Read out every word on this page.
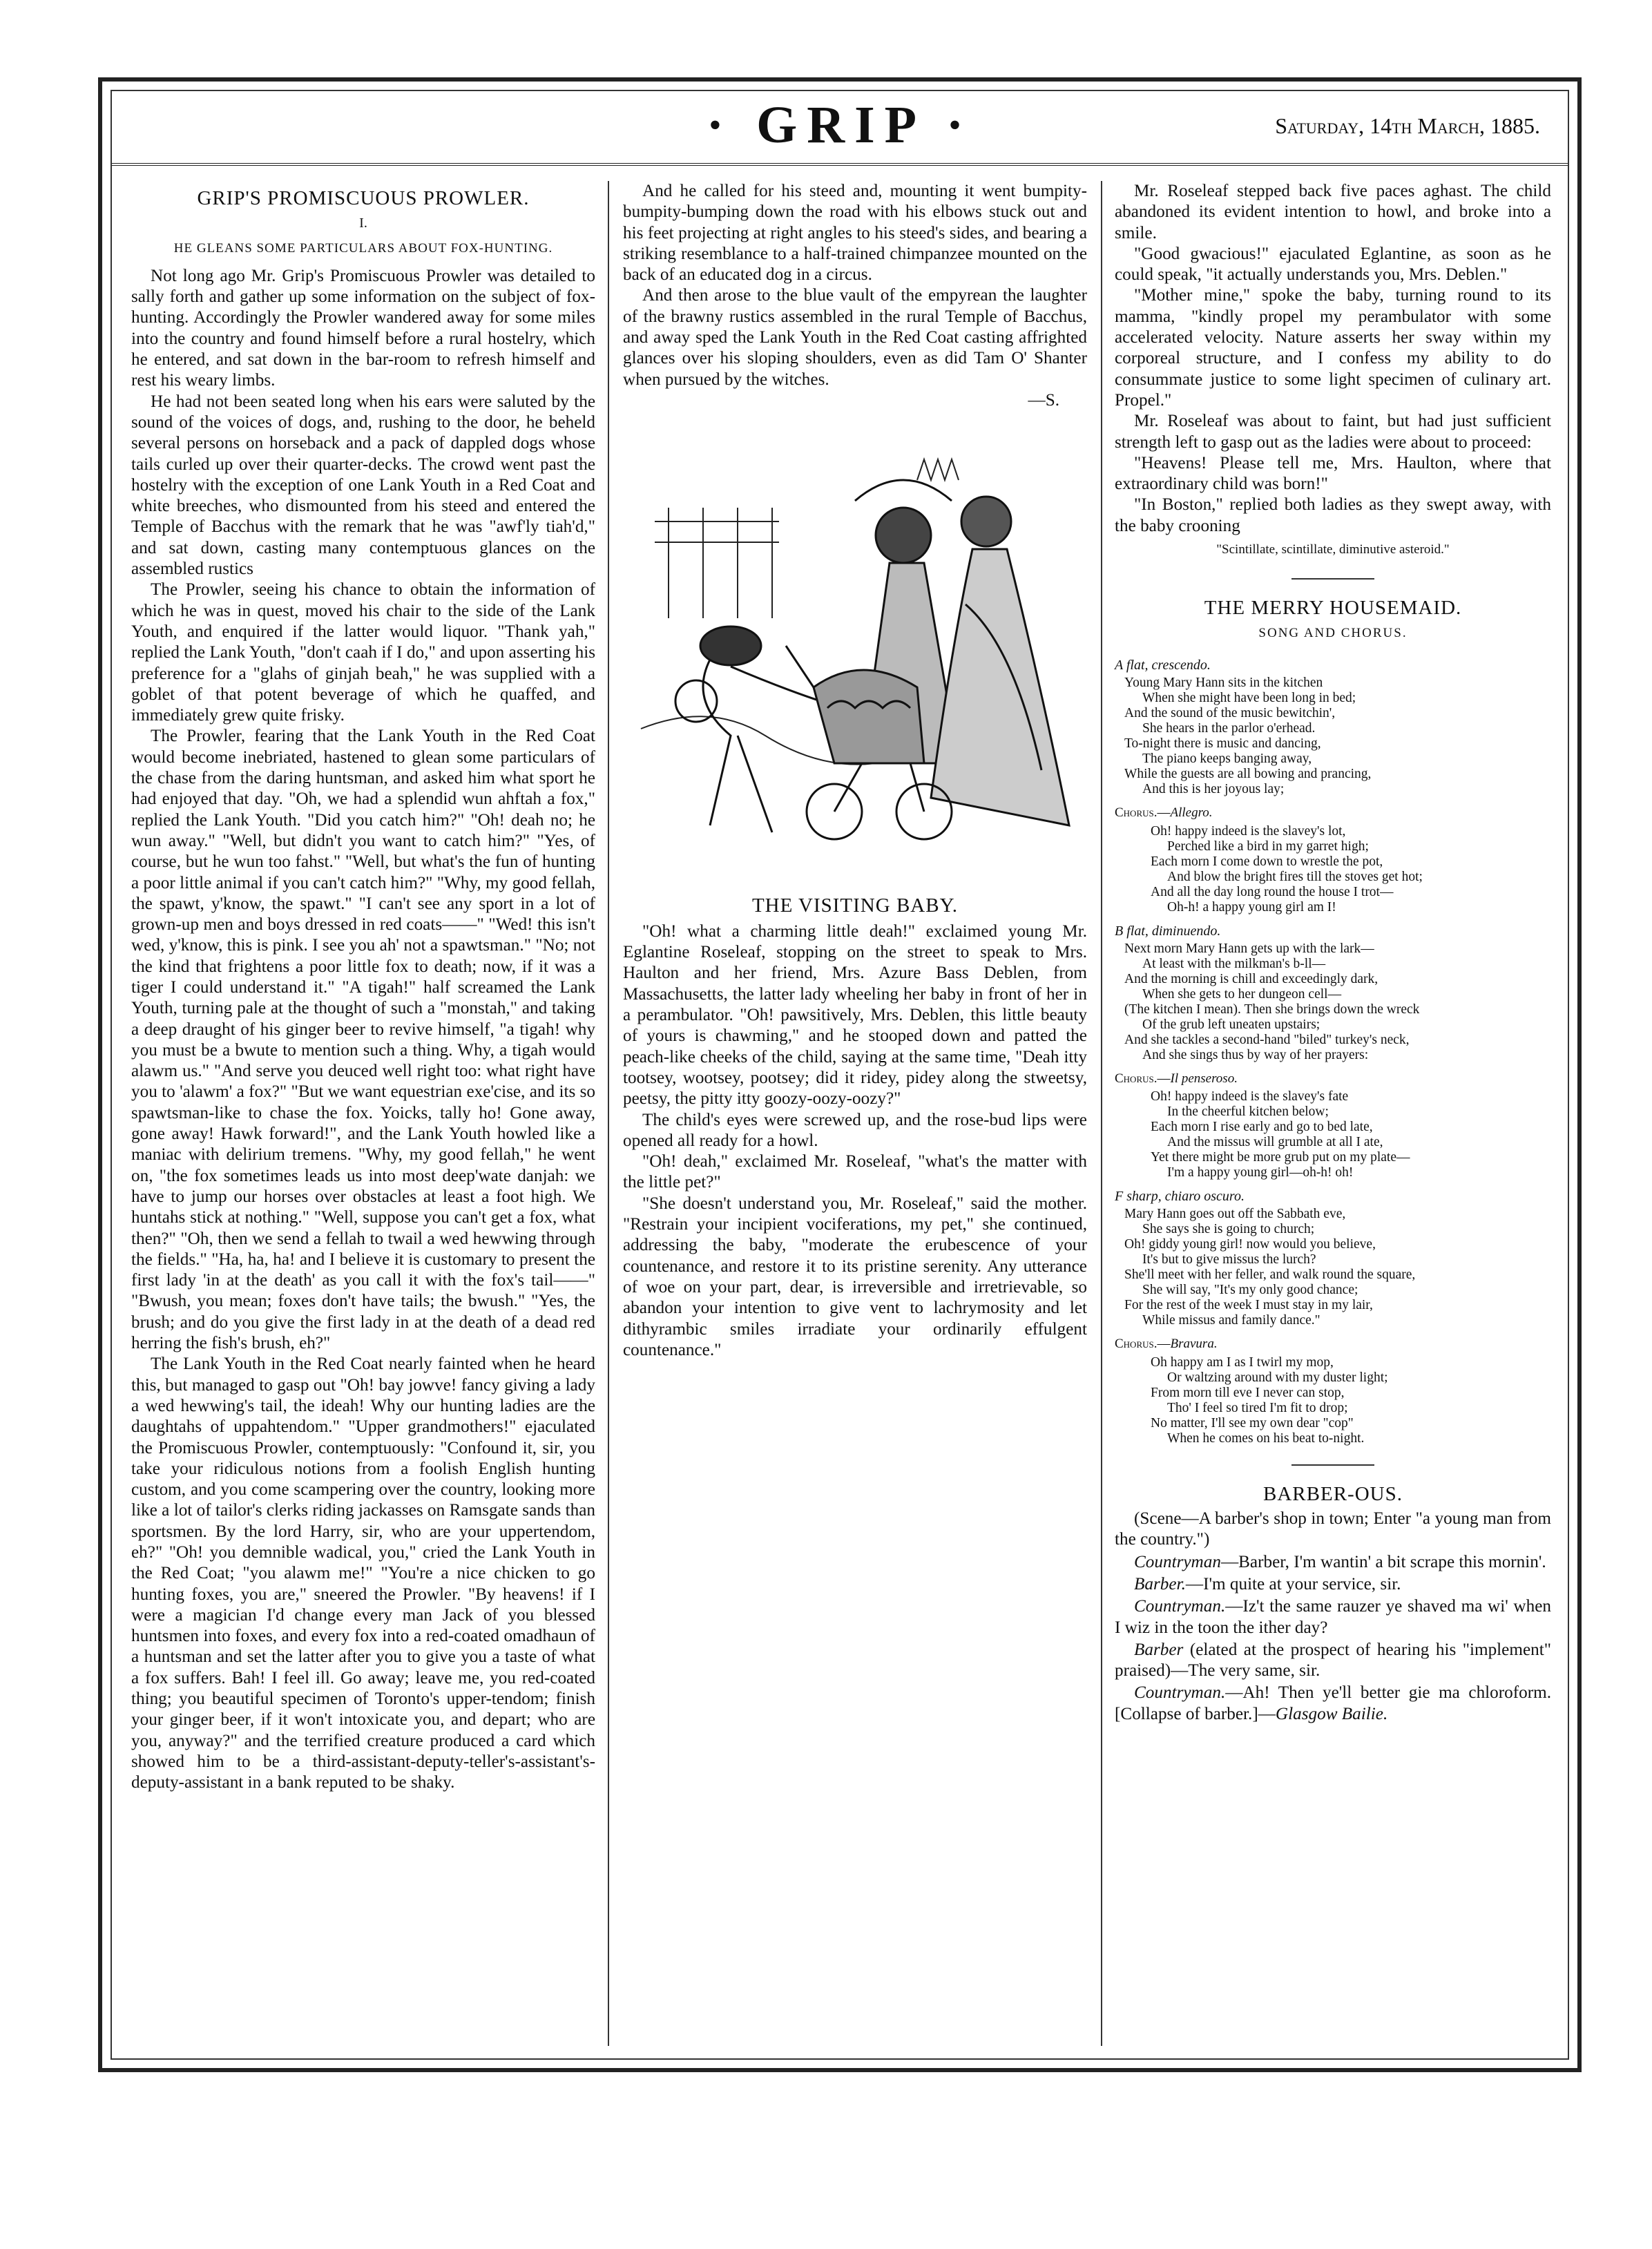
· GRIP ·	Saturday, 14th March, 1885.
GRIP'S PROMISCUOUS PROWLER.
I.
HE GLEANS SOME PARTICULARS ABOUT FOX-HUNTING.

Not long ago Mr. Grip's Promiscuous Prowler was detailed to sally forth and gather up some information on the subject of fox-hunting. Accordingly the Prowler wandered away for some miles into the country and found himself before a rural hostelry, which he entered, and sat down in the bar-room to refresh himself and rest his weary limbs.

He had not been seated long when his ears were saluted by the sound of the voices of dogs, and, rushing to the door, he beheld several persons on horseback and a pack of dappled dogs whose tails curled up over their quarter-decks. The crowd went past the hostelry with the exception of one Lank Youth in a Red Coat and white breeches, who dismounted from his steed and entered the Temple of Bacchus with the remark that he was "awf'ly tiah'd," and sat down, casting many contemptuous glances on the assembled rustics

The Prowler, seeing his chance to obtain the information of which he was in quest, moved his chair to the side of the Lank Youth, and enquired if the latter would liquor. "Thank yah," replied the Lank Youth, "don't caah if I do," and upon asserting his preference for a "glahs of ginjah beah," he was supplied with a goblet of that potent beverage of which he quaffed, and immediately grew quite frisky.

The Prowler, fearing that the Lank Youth in the Red Coat would become inebriated, hastened to glean some particulars of the chase from the daring huntsman, and asked him what sport he had enjoyed that day. "Oh, we had a splendid wun ahftah a fox," replied the Lank Youth. "Did you catch him?" "Oh! deah no; he wun away." "Well, but didn't you want to catch him?" "Yes, of course, but he wun too fahst." "Well, but what's the fun of hunting a poor little animal if you can't catch him?" "Why, my good fellah, the spawt, y'know, the spawt." "I can't see any sport in a lot of grown-up men and boys dressed in red coats——" "Wed! this isn't wed, y'know, this is pink. I see you ah' not a spawtsman." "No; not the kind that frightens a poor little fox to death; now, if it was a tiger I could understand it." "A tigah!" half screamed the Lank Youth, turning pale at the thought of such a "monstah," and taking a deep draught of his ginger beer to revive himself, "a tigah! why you must be a bwute to mention such a thing. Why, a tigah would alawm us." "And serve you deuced well right too: what right have you to 'alawm' a fox?" "But we want equestrian exe'cise, and its so spawtsman-like to chase the fox. Yoicks, tally ho! Gone away, gone away! Hawk forward!", and the Lank Youth howled like a maniac with delirium tremens. "Why, my good fellah," he went on, "the fox sometimes leads us into most deep'wate danjah: we have to jump our horses over obstacles at least a foot high. We huntahs stick at nothing." "Well, suppose you can't get a fox, what then?" "Oh, then we send a fellah to twail a wed hewwing through the fields." "Ha, ha, ha! and I believe it is customary to present the first lady 'in at the death' as you call it with the fox's tail——" "Bwush, you mean; foxes don't have tails; the bwush." "Yes, the brush; and do you give the first lady in at the death of a dead red herring the fish's brush, eh?"

The Lank Youth in the Red Coat nearly fainted when he heard this, but managed to gasp out "Oh! bay jowve! fancy giving a lady a wed hewwing's tail, the ideah! Why our hunting ladies are the daughtahs of uppahtendom." "Upper grandmothers!" ejaculated the Promiscuous Prowler, contemptuously: "Confound it, sir, you take your ridiculous notions from a foolish English hunting custom, and you come scampering over the country, looking more like a lot of tailor's clerks riding jackasses on Ramsgate sands than sportsmen. By the lord Harry, sir, who are your uppertendom, eh?" "Oh! you demnible wadical, you," cried the Lank Youth in the Red Coat; "you alawm me!" "You're a nice chicken to go hunting foxes, you are," sneered the Prowler. "By heavens! if I were a magician I'd change every man Jack of you blessed huntsmen into foxes, and every fox into a red-coated omadhaun of a huntsman and set the latter after you to give you a taste of what a fox suffers. Bah! I feel ill. Go away; leave me, you red-coated thing; you beautiful specimen of Toronto's upper-tendom; finish your ginger beer, if it won't intoxicate you, and depart; who are you, anyway?" and the terrified creature produced a card which showed him to be a third-assistant-deputy-teller's-assistant's-deputy-assistant in a bank reputed to be shaky.

And he called for his steed and, mounting it went bumpity-bumpity-bumping down the road with his elbows stuck out and his feet projecting at right angles to his steed's sides, and bearing a striking resemblance to a half-trained chimpanzee mounted on the back of an educated dog in a circus.

And then arose to the blue vault of the empyrean the laughter of the brawny rustics assembled in the rural Temple of Bacchus, and away sped the Lank Youth in the Red Coat casting affrighted glances over his sloping shoulders, even as did Tam O' Shanter when pursued by the witches.

—S.
THE VISITING BABY.

"Oh! what a charming little deah!" exclaimed young Mr. Eglantine Roseleaf, stopping on the street to speak to Mrs. Haulton and her friend, Mrs. Azure Bass Deblen, from Massachusetts, the latter lady wheeling her baby in front of her in a perambulator. "Oh! pawsitively, Mrs. Deblen, this little beauty of yours is chawming," and he stooped down and patted the peach-like cheeks of the child, saying at the same time, "Deah itty tootsey, wootsey, pootsey; did it ridey, pidey along the stweetsy, peetsy, the pitty itty goozy-oozy-oozy?"

The child's eyes were screwed up, and the rose-bud lips were opened all ready for a howl.

"Oh! deah," exclaimed Mr. Roseleaf, "what's the matter with the little pet?"

"She doesn't understand you, Mr. Roseleaf," said the mother. "Restrain your incipient vociferations, my pet," she continued, addressing the baby, "moderate the erubescence of your countenance, and restore it to its pristine serenity. Any utterance of woe on your part, dear, is irreversible and irretrievable, so abandon your intention to give vent to lachrymosity and let dithyrambic smiles irradiate your ordinarily effulgent countenance."

Mr. Roseleaf stepped back five paces aghast. The child abandoned its evident intention to howl, and broke into a smile.

"Good gwacious!" ejaculated Eglantine, as soon as he could speak, "it actually understands you, Mrs. Deblen."

"Mother mine," spoke the baby, turning round to its mamma, "kindly propel my perambulator with some accelerated velocity. Nature asserts her sway within my corporeal structure, and I confess my ability to do consummate justice to some light specimen of culinary art. Propel."

Mr. Roseleaf was about to faint, but had just sufficient strength left to gasp out as the ladies were about to proceed:

"Heavens! Please tell me, Mrs. Haulton, where that extraordinary child was born!"

"In Boston," replied both ladies as they swept away, with the baby crooning

"Scintillate, scintillate, diminutive asteroid."
THE MERRY HOUSEMAID.
SONG AND CHORUS.
A flat, crescendo.
Young Mary Hann sits in the kitchen
When she might have been long in bed;
And the sound of the music bewitchin',
She hears in the parlor o'erhead.
To-night there is music and dancing,
The piano keeps banging away,
While the guests are all bowing and prancing,
And this is her joyous lay;
Chorus.—Allegro.
Oh! happy indeed is the slavey's lot,
Perched like a bird in my garret high;
Each morn I come down to wrestle the pot,
And blow the bright fires till the stoves get hot;
And all the day long round the house I trot—
Oh-h! a happy young girl am I!
B flat, diminuendo.
Next morn Mary Hann gets up with the lark—
At least with the milkman's b-ll—
And the morning is chill and exceedingly dark,
When she gets to her dungeon cell—
(The kitchen I mean). Then she brings down the wreck
Of the grub left uneaten upstairs;
And she tackles a second-hand "biled" turkey's neck,
And she sings thus by way of her prayers:
Chorus.—Il penseroso.
Oh! happy indeed is the slavey's fate
In the cheerful kitchen below;
Each morn I rise early and go to bed late,
And the missus will grumble at all I ate,
Yet there might be more grub put on my plate—
I'm a happy young girl—oh-h! oh!
F sharp, chiaro oscuro.
Mary Hann goes out off the Sabbath eve,
She says she is going to church;
Oh! giddy young girl! now would you believe,
It's but to give missus the lurch?
She'll meet with her feller, and walk round the square,
She will say, "It's my only good chance;
For the rest of the week I must stay in my lair,
While missus and family dance."
Chorus.—Bravura.
Oh happy am I as I twirl my mop,
Or waltzing around with my duster light;
From morn till eve I never can stop,
Tho' I feel so tired I'm fit to drop;
No matter, I'll see my own dear "cop"
When he comes on his beat to-night.
BARBER-OUS.

(Scene—A barber's shop in town; Enter "a young man from the country.")

Countryman—Barber, I'm wantin' a bit scrape this mornin'.

Barber.—I'm quite at your service, sir.

Countryman.—Iz't the same rauzer ye shaved ma wi' when I wiz in the toon the ither day?

Barber (elated at the prospect of hearing his "implement" praised)—The very same, sir.

Countryman.—Ah! Then ye'll better gie ma chloroform. [Collapse of barber.]—Glasgow Bailie.
